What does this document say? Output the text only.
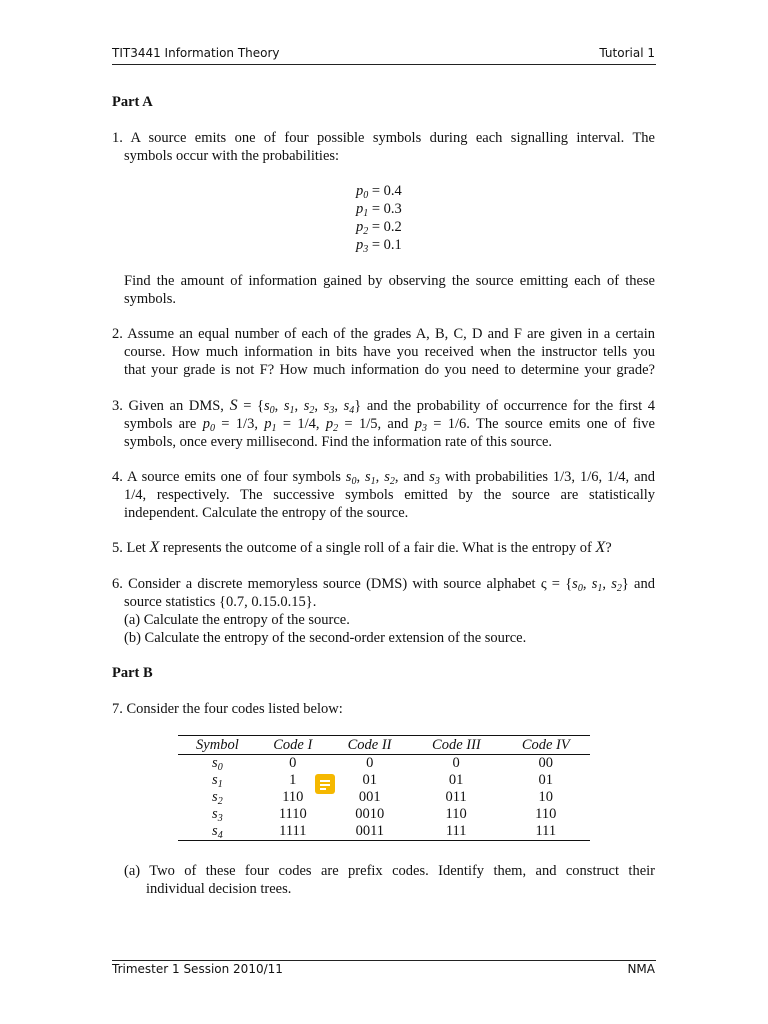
TIT3441 Information Theory	Tutorial 1
Part A
1. A source emits one of four possible symbols during each signalling interval. The
symbols occur with the probabilities:
$p_0 = 0.4$
$p_1 = 0.3$
$p_2 = 0.2$
$p_3 = 0.1$
Find the amount of information gained by observing the source emitting each of these
symbols.
2. Assume an equal number of each of the grades A, B, C, D and F are given in a certain
course. How much information in bits have you received when the instructor tells you
that your grade is not F? How much information do you need to determine your grade?
3. Given an DMS, $S = \{s_0$, $s_1$, $s_2$, $s_3$, $s_4$} and the probability of occurrence for the first 4
symbols are $p_0 = 1/3$, $p_1 = 1/4$, $p_2 = 1/5$, and $p_3 = 1/6$. The source emits one of five
symbols, once every millisecond. Find the information rate of this source.
4. A source emits one of four symbols $s_0$, $s_1$, $s_2$, and $s_3$ with probabilities 1/3, 1/6, 1/4, and
1/4, respectively. The successive symbols emitted by the source are statistically
independent. Calculate the entropy of the source.
5. Let X represents the outcome of a single roll of a fair die. What is the entropy of X?
6. Consider a discrete memoryless source (DMS) with source alphabet $\varsigma = \{s_0$, $s_1$, $s_2$} and
source statistics {0.7, 0.15.0.15}.
(a) Calculate the entropy of the source.
(b) Calculate the entropy of the second-order extension of the source.
Part B
7. Consider the four codes listed below:
Symbol	Code I	Code II	Code III	Code IV
$s_0$	0	0	0	00
$s_1$	1	01	01	01
$s_2$	110	001	011	10
$s_3$	1110	0010	110	110
$s_4$	1111	0011	111	111
(a) Two of these four codes are prefix codes. Identify them, and construct their
individual decision trees.
Trimester 1 Session 2010/11	NMA
